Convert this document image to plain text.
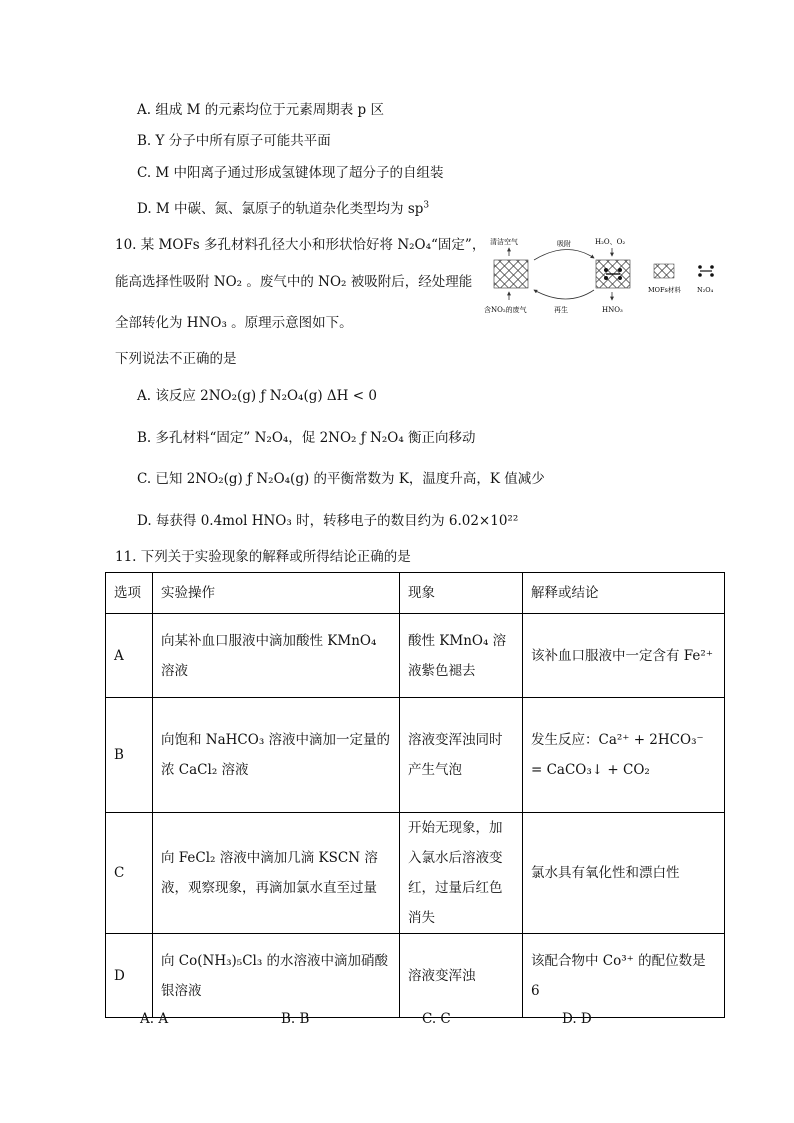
A. 组成 M 的元素均位于元素周期表 p 区
B. Y 分子中所有原子可能共平面
C. M 中阳离子通过形成氢键体现了超分子的自组装
D. M 中碳、氮、氯原子的轨道杂化类型均为 $sp^3$
10. 某 MOFs 多孔材料孔径大小和形状恰好将 N₂O₄“固定”，
能高选择性吸附 NO₂ 。废气中的 NO₂ 被吸附后，经处理能
全部转化为 HNO₃ 。原理示意图如下。
下列说法不正确的是
清洁空气
含NO₂的废气
吸附
再生
H₂O、O₂
HNO₃
MOFs材料 N₂O₄
A. 该反应 2NO₂(g) ƒ N₂O₄(g) ΔH < 0
B. 多孔材料“固定” N₂O₄，促 2NO₂ ƒ N₂O₄ 衡正向移动
C. 已知 2NO₂(g) ƒ N₂O₄(g) 的平衡常数为 K，温度升高，K 值减少
D. 每获得 0.4mol HNO₃ 时，转移电子的数目约为 6.02×10²²
11. 下列关于实验现象的解释或所得结论正确的是
选项	实验操作	现象	解释或结论
A	向某补血口服液中滴加酸性 KMnO₄ 溶液	酸性 KMnO₄ 溶液紫色褪去	该补血口服液中一定含有 Fe²⁺
B	向饱和 NaHCO₃ 溶液中滴加一定量的浓 CaCl₂ 溶液	溶液变浑浊同时产生气泡	发生反应：Ca²⁺ + 2HCO₃⁻ = CaCO₃↓ + CO₂
C	向 FeCl₂ 溶液中滴加几滴 KSCN 溶液，观察现象，再滴加氯水直至过量	开始无现象，加入氯水后溶液变红，过量后红色消失	氯水具有氧化性和漂白性
D	向 Co(NH₃)₅Cl₃ 的水溶液中滴加硝酸银溶液	溶液变浑浊	该配合物中 Co³⁺ 的配位数是 6
A. A	B. B	C. C	D. D
